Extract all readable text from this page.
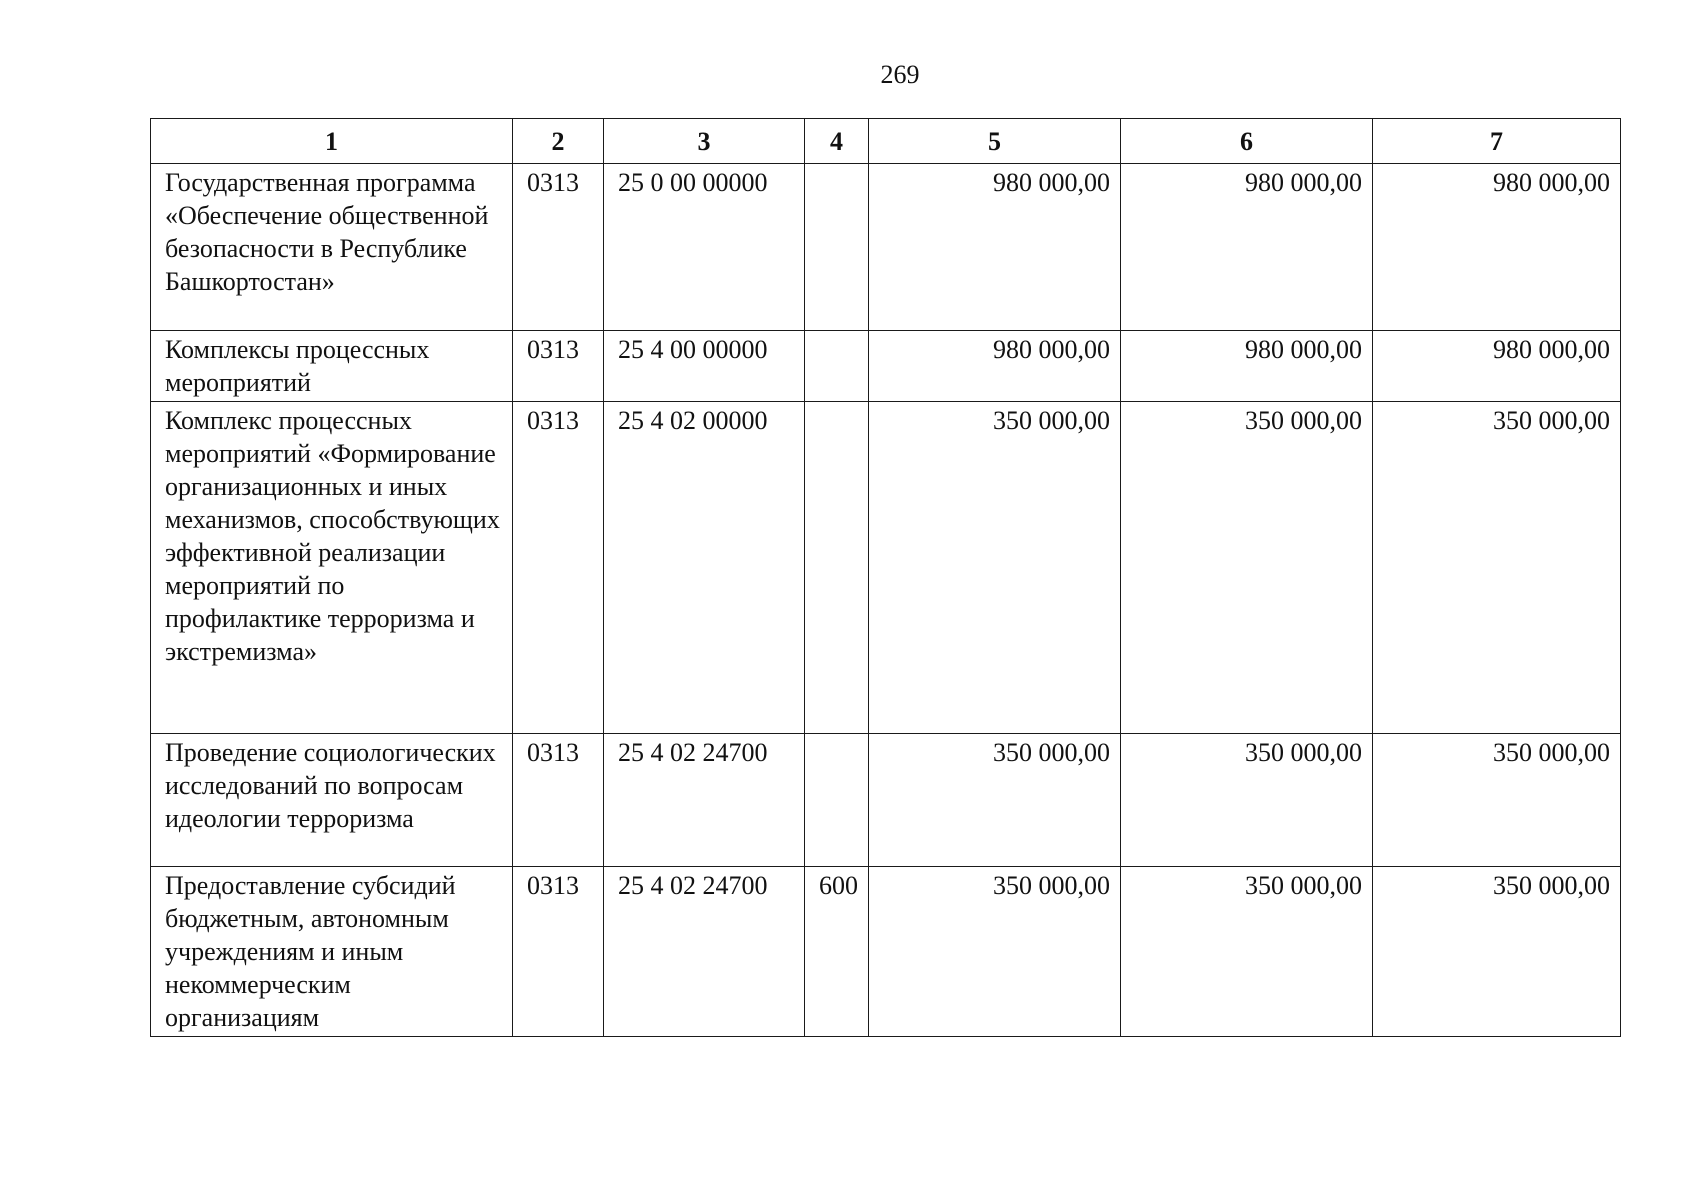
269
1	2	3	4	5	6	7
Государственная программа «Обеспечение общественной безопасности в Республике Башкортостан»	0313	25 0 00 00000		980 000,00	980 000,00	980 000,00
Комплексы процессных мероприятий	0313	25 4 00 00000		980 000,00	980 000,00	980 000,00
Комплекс процессных мероприятий «Формирование организационных и иных механизмов, способствующих эффективной реализации мероприятий по профилактике терроризма и экстремизма»	0313	25 4 02 00000		350 000,00	350 000,00	350 000,00
Проведение социологических исследований по вопросам идеологии терроризма	0313	25 4 02 24700		350 000,00	350 000,00	350 000,00
Предоставление субсидий бюджетным, автономным учреждениям и иным некоммерческим организациям	0313	25 4 02 24700	600	350 000,00	350 000,00	350 000,00
